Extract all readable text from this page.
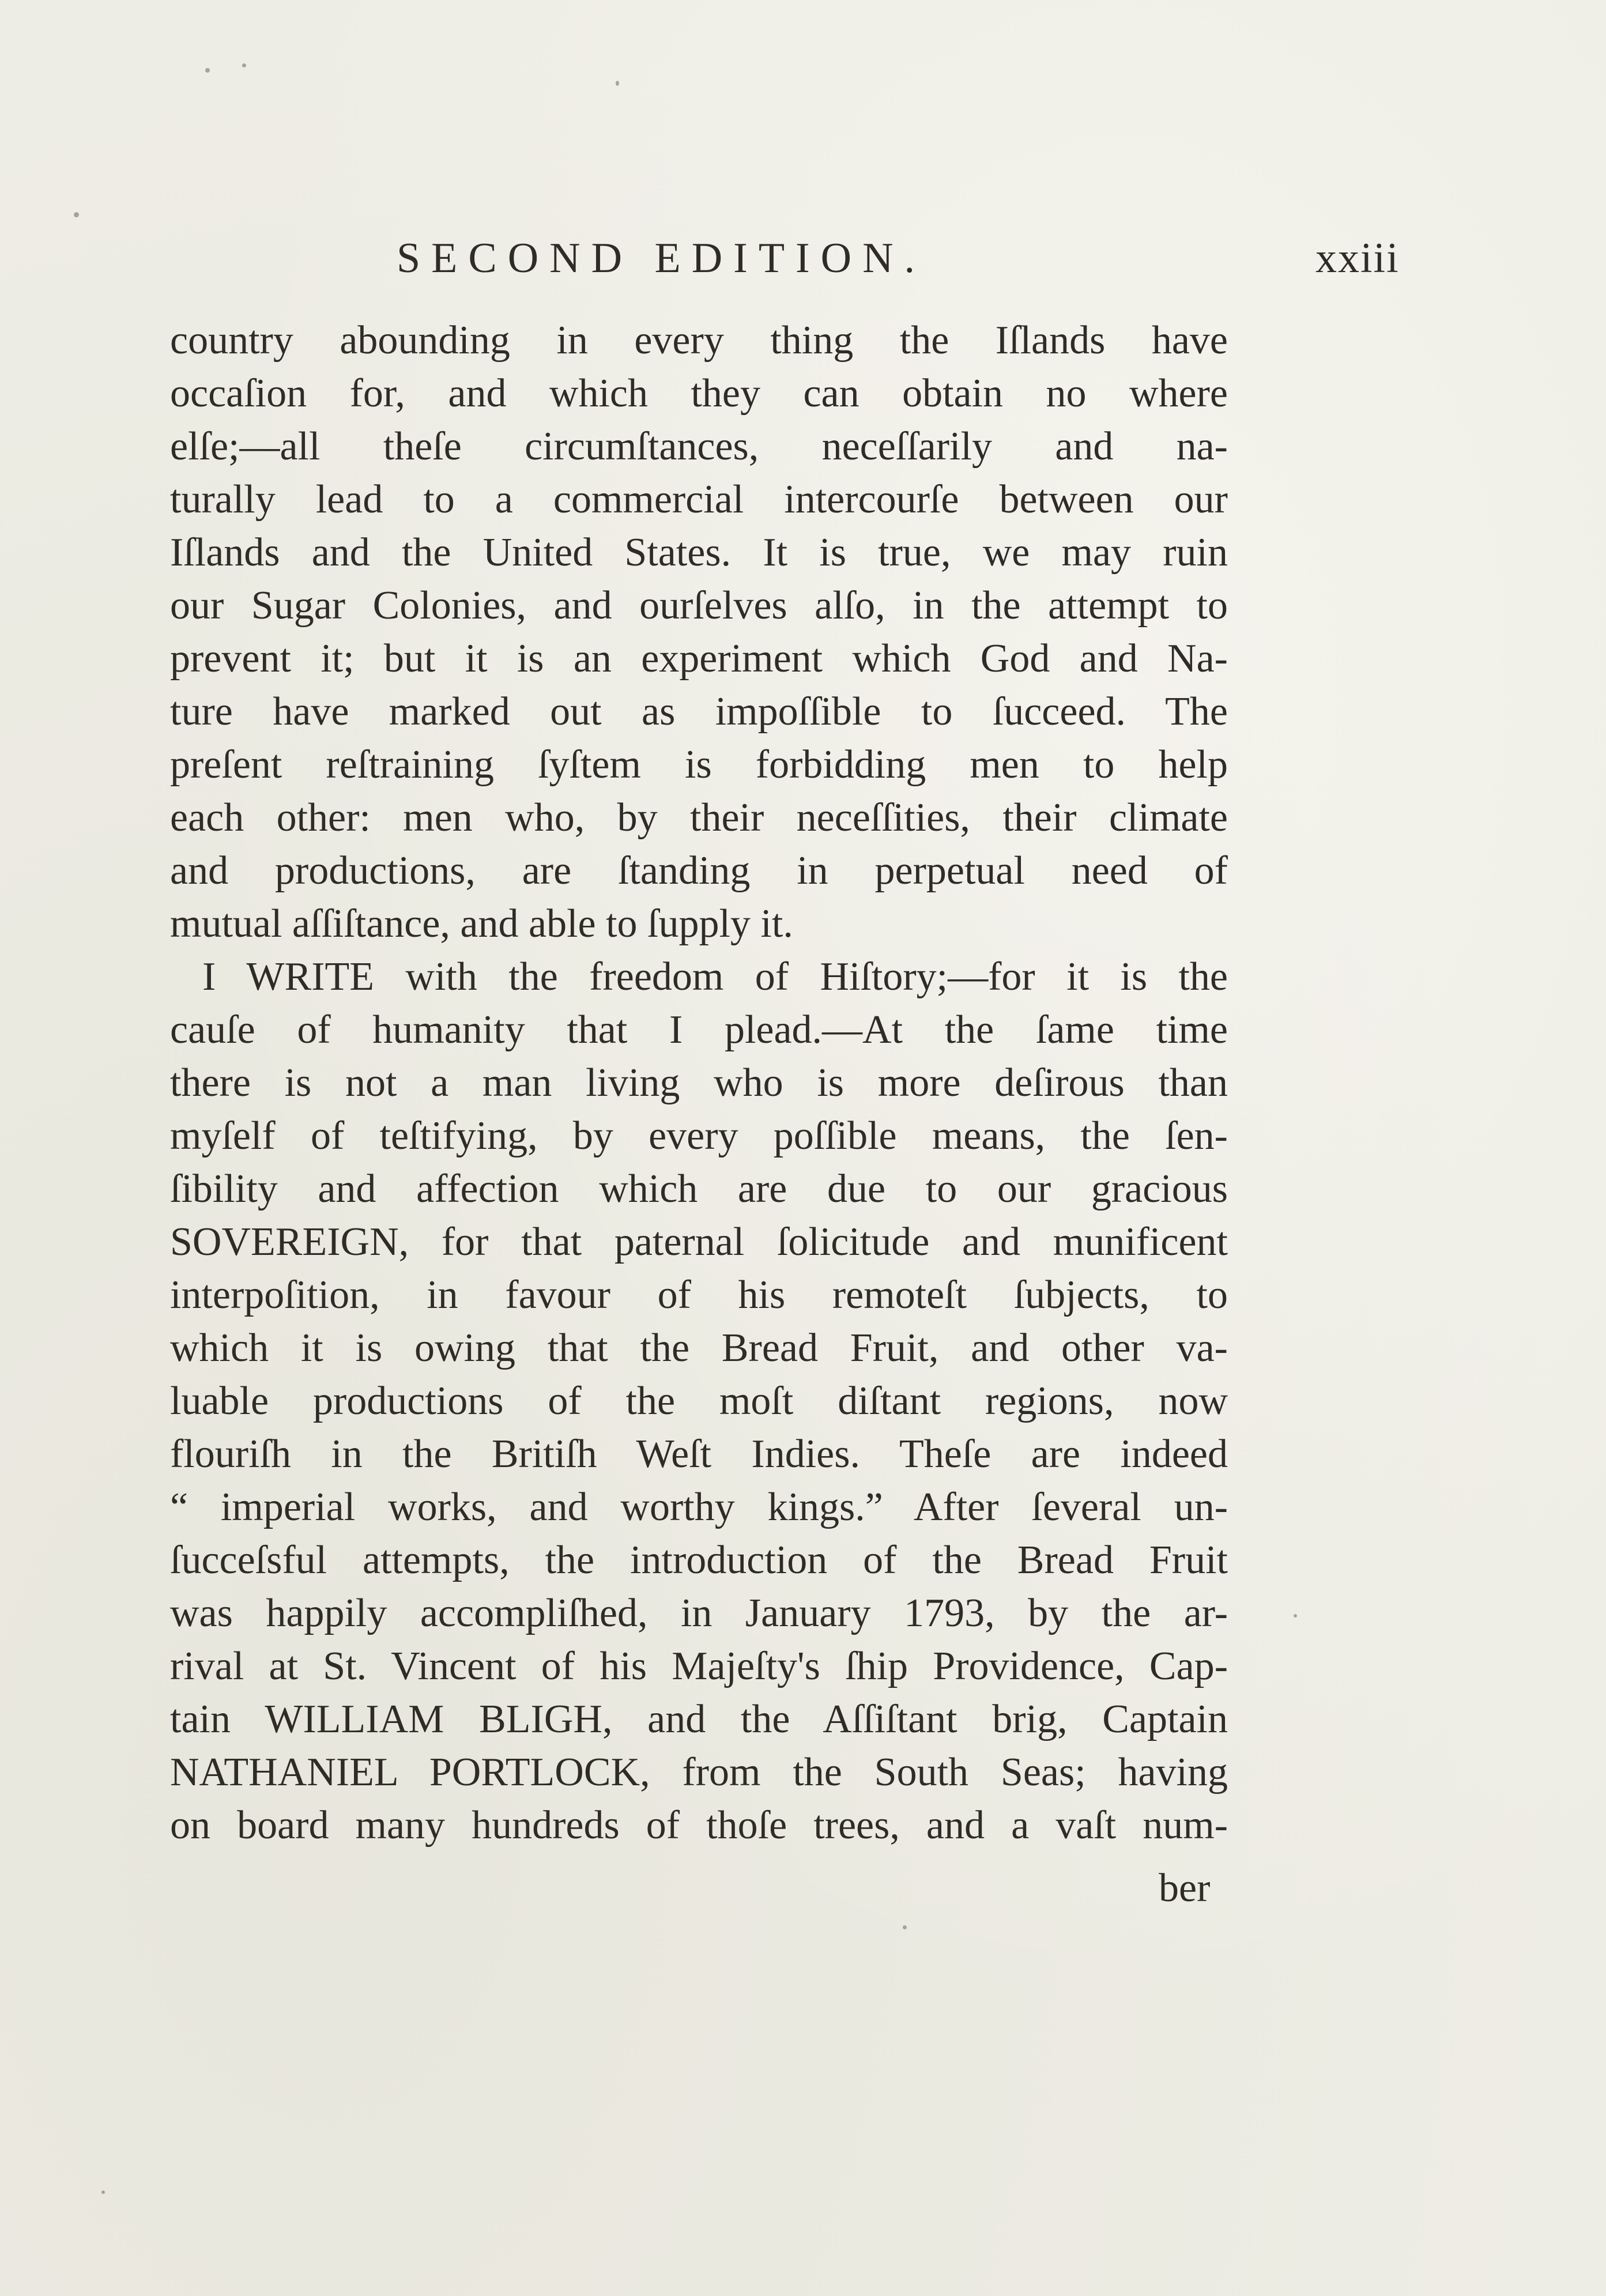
SECOND EDITION.	xxiii
country abounding in every thing the Iſlands have
occaſion for, and which they can obtain no where
elſe;—all theſe circumſtances, neceſſarily and na-
turally lead to a commercial intercourſe between our
Iſlands and the United States. It is true, we may ruin
our Sugar Colonies, and ourſelves alſo, in the attempt to
prevent it; but it is an experiment which God and Na-
ture have marked out as impoſſible to ſucceed. The
preſent reſtraining ſyſtem is forbidding men to help
each other: men who, by their neceſſities, their climate
and productions, are ſtanding in perpetual need of
mutual aſſiſtance, and able to ſupply it.
I WRITE with the freedom of Hiſtory;—for it is the
cauſe of humanity that I plead.—At the ſame time
there is not a man living who is more deſirous than
myſelf of teſtifying, by every poſſible means, the ſen-
ſibility and affection which are due to our gracious
SOVEREIGN, for that paternal ſolicitude and munificent
interpoſition, in favour of his remoteſt ſubjects, to
which it is owing that the Bread Fruit, and other va-
luable productions of the moſt diſtant regions, now
flouriſh in the Britiſh Weſt Indies. Theſe are indeed
“ imperial works, and worthy kings.” After ſeveral un-
ſucceſsful attempts, the introduction of the Bread Fruit
was happily accompliſhed, in January 1793, by the ar-
rival at St. Vincent of his Majeſty's ſhip Providence, Cap-
tain WILLIAM BLIGH, and the Aſſiſtant brig, Captain
NATHANIEL PORTLOCK, from the South Seas; having
on board many hundreds of thoſe trees, and a vaſt num-
ber
